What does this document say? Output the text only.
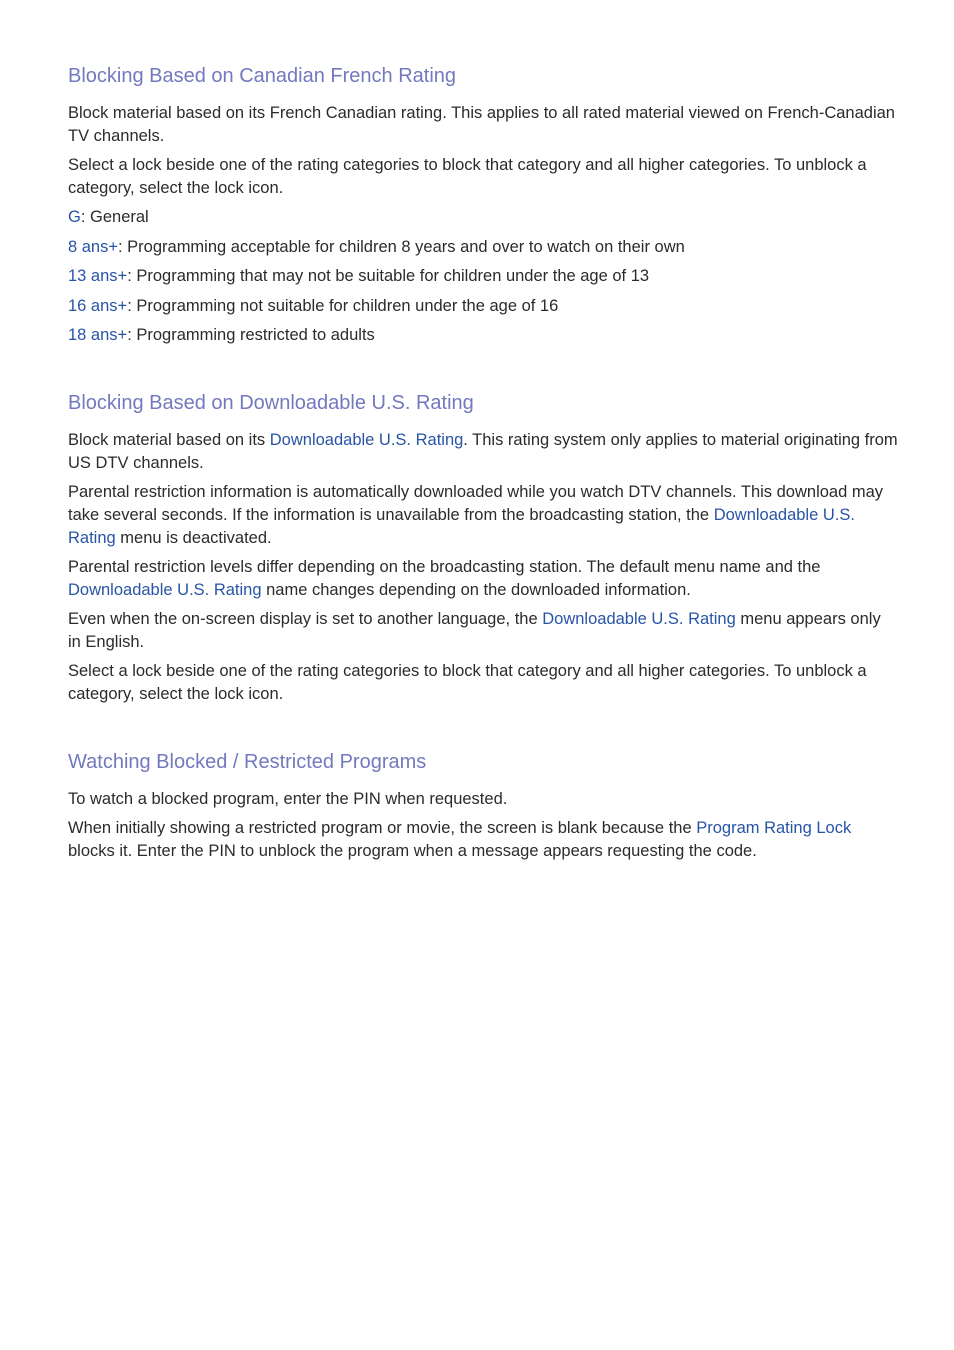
Blocking Based on Canadian French Rating

Block material based on its French Canadian rating. This applies to all rated material viewed on French-Canadian TV channels.

Select a lock beside one of the rating categories to block that category and all higher categories. To unblock a category, select the lock icon.

G: General

8 ans+: Programming acceptable for children 8 years and over to watch on their own

13 ans+: Programming that may not be suitable for children under the age of 13

16 ans+: Programming not suitable for children under the age of 16

18 ans+: Programming restricted to adults

Blocking Based on Downloadable U.S. Rating

Block material based on its Downloadable U.S. Rating. This rating system only applies to material originating from US DTV channels.

Parental restriction information is automatically downloaded while you watch DTV channels. This download may take several seconds. If the information is unavailable from the broadcasting station, the Downloadable U.S. Rating menu is deactivated.

Parental restriction levels differ depending on the broadcasting station. The default menu name and the Downloadable U.S. Rating name changes depending on the downloaded information.

Even when the on-screen display is set to another language, the Downloadable U.S. Rating menu appears only in English.

Select a lock beside one of the rating categories to block that category and all higher categories. To unblock a category, select the lock icon.

Watching Blocked / Restricted Programs

To watch a blocked program, enter the PIN when requested.

When initially showing a restricted program or movie, the screen is blank because the Program Rating Lock blocks it. Enter the PIN to unblock the program when a message appears requesting the code.
